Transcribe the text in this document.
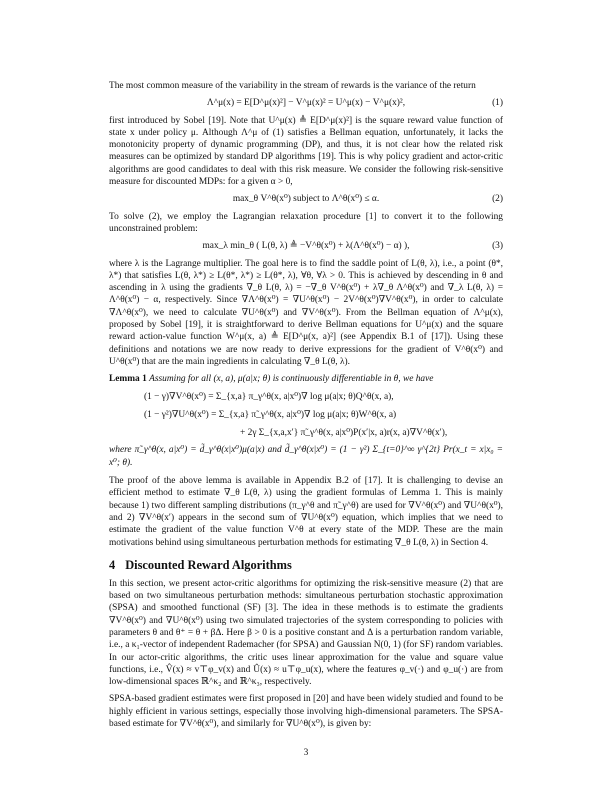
The most common measure of the variability in the stream of rewards is the variance of the return

Λ^μ(x) = E[D^μ(x)²] − V^μ(x)² = U^μ(x) − V^μ(x)²,	(1)

first introduced by Sobel [19]. Note that U^μ(x) ≜ E[D^μ(x)²] is the square reward value function of state x under policy μ. Although Λ^μ of (1) satisfies a Bellman equation, unfortunately, it lacks the monotonicity property of dynamic programming (DP), and thus, it is not clear how the related risk measures can be optimized by standard DP algorithms [19]. This is why policy gradient and actor-critic algorithms are good candidates to deal with this risk measure. We consider the following risk-sensitive measure for discounted MDPs: for a given α > 0,

max_θ V^θ(x⁰) subject to Λ^θ(x⁰) ≤ α.	(2)

To solve (2), we employ the Lagrangian relaxation procedure [1] to convert it to the following unconstrained problem:

max_λ min_θ ( L(θ, λ) ≜ −V^θ(x⁰) + λ(Λ^θ(x⁰) − α) ),	(3)

where λ is the Lagrange multiplier. The goal here is to find the saddle point of L(θ, λ), i.e., a point (θ*, λ*) that satisfies L(θ, λ*) ≥ L(θ*, λ*) ≥ L(θ*, λ), ∀θ, ∀λ > 0. This is achieved by descending in θ and ascending in λ using the gradients ∇_θ L(θ, λ) = −∇_θ V^θ(x⁰) + λ∇_θ Λ^θ(x⁰) and ∇_λ L(θ, λ) = Λ^θ(x⁰) − α, respectively. Since ∇Λ^θ(x⁰) = ∇U^θ(x⁰) − 2V^θ(x⁰)∇V^θ(x⁰), in order to calculate ∇Λ^θ(x⁰), we need to calculate ∇U^θ(x⁰) and ∇V^θ(x⁰). From the Bellman equation of Λ^μ(x), proposed by Sobel [19], it is straightforward to derive Bellman equations for U^μ(x) and the square reward action-value function W^μ(x, a) ≜ E[D^μ(x, a)²] (see Appendix B.1 of [17]). Using these definitions and notations we are now ready to derive expressions for the gradient of V^θ(x⁰) and U^θ(x⁰) that are the main ingredients in calculating ∇_θ L(θ, λ).

Lemma 1 Assuming for all (x, a), μ(a|x; θ) is continuously differentiable in θ, we have

(1 − γ)∇V^θ(x⁰) = Σ_{x,a} π_γ^θ(x, a|x⁰)∇ log μ(a|x; θ)Q^θ(x, a),
(1 − γ²)∇U^θ(x⁰) = Σ_{x,a} π̃_γ^θ(x, a|x⁰)∇ log μ(a|x; θ)W^θ(x, a)
+ 2γ Σ_{x,a,x′} π̃_γ^θ(x, a|x⁰)P(x′|x, a)r(x, a)∇V^θ(x′),

where π̃_γ^θ(x, a|x⁰) = d̃_γ^θ(x|x⁰)μ(a|x) and d̃_γ^θ(x|x⁰) = (1 − γ²) Σ_{t=0}^∞ γ^{2t} Pr(x_t = x|x₀ = x⁰; θ).

The proof of the above lemma is available in Appendix B.2 of [17]. It is challenging to devise an efficient method to estimate ∇_θ L(θ, λ) using the gradient formulas of Lemma 1. This is mainly because 1) two different sampling distributions (π_γ^θ and π̃_γ^θ) are used for ∇V^θ(x⁰) and ∇U^θ(x⁰), and 2) ∇V^θ(x′) appears in the second sum of ∇U^θ(x⁰) equation, which implies that we need to estimate the gradient of the value function V^θ at every state of the MDP. These are the main motivations behind using simultaneous perturbation methods for estimating ∇_θ L(θ, λ) in Section 4.

4 Discounted Reward Algorithms

In this section, we present actor-critic algorithms for optimizing the risk-sensitive measure (2) that are based on two simultaneous perturbation methods: simultaneous perturbation stochastic approximation (SPSA) and smoothed functional (SF) [3]. The idea in these methods is to estimate the gradients ∇V^θ(x⁰) and ∇U^θ(x⁰) using two simulated trajectories of the system corresponding to policies with parameters θ and θ⁺ = θ + βΔ. Here β > 0 is a positive constant and Δ is a perturbation random variable, i.e., a κ₁-vector of independent Rademacher (for SPSA) and Gaussian N(0, 1) (for SF) random variables. In our actor-critic algorithms, the critic uses linear approximation for the value and square value functions, i.e., V̂(x) ≈ v⊤φ_v(x) and Û(x) ≈ u⊤φ_u(x), where the features φ_v(·) and φ_u(·) are from low-dimensional spaces ℝ^κ₂ and ℝ^κ₃, respectively.

SPSA-based gradient estimates were first proposed in [20] and have been widely studied and found to be highly efficient in various settings, especially those involving high-dimensional parameters. The SPSA-based estimate for ∇V^θ(x⁰), and similarly for ∇U^θ(x⁰), is given by:

3
